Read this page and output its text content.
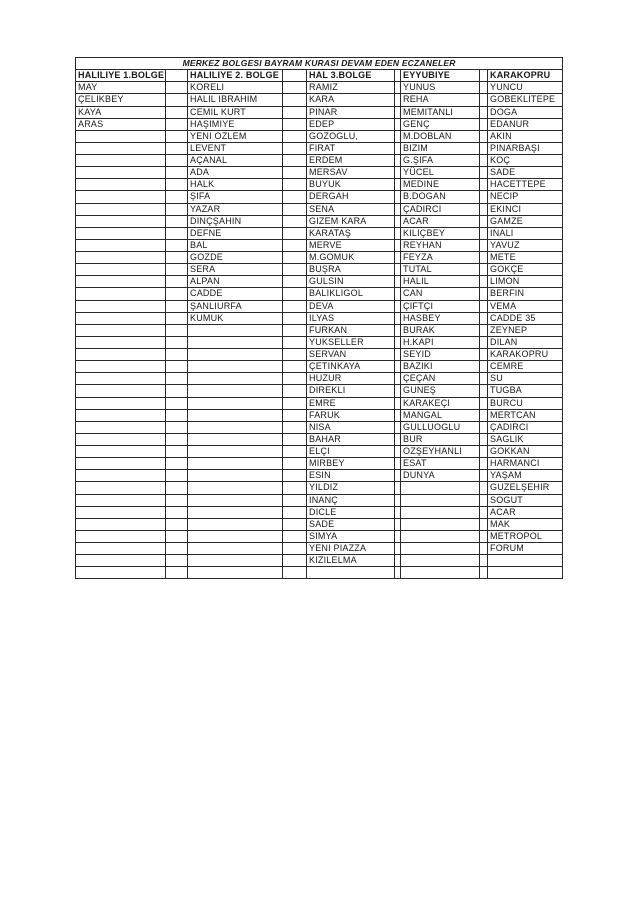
MERKEZ BOLGESI BAYRAM KURASI DEVAM EDEN ECZANELER								
HALILIYE 1.BOLGE		HALILIYE 2. BOLGE		HAL 3.BOLGE		EYYUBIYE		KARAKOPRU
MAY		KORELI		RAMIZ		YUNUS		YUNCU
ÇELIKBEY		HALIL IBRAHIM		KARA		REHA		GOBEKLITEPE
KAYA		CEMIL KURT		PINAR		MEMITANLI		DOGA
ARAS		HAŞIMIYE		EDEP		GENÇ		EDANUR
		YENI OZLEM		GOZOGLU,		M.DOBLAN		AKIN
		LEVENT		FIRAT		BIZIM		PINARBAŞI
		AÇANAL		ERDEM		G.ŞIFA		KOÇ
		ADA		MERSAV		YÜCEL		SADE
		HALK		BUYUK		MEDINE		HACETTEPE
		ŞIFA		DERGAH		B.DOGAN		NECIP
		YAZAR		SENA		ÇADIRCI		EKINCI
		DINÇŞAHIN		GIZEM KARA		ACAR		GAMZE
		DEFNE		KARATAŞ		KILIÇBEY		INALI
		BAL		MERVE		REYHAN		YAVUZ
		GOZDE		M.GOMUK		FEYZA		METE
		SERA		BUŞRA		TUTAL		GOKÇE
		ALPAN		GULSIN		HALIL		LIMON
		CADDE		BALIKLIGOL		CAN		BERFIN
		ŞANLIURFA		DEVA		ÇIFTÇI		VEMA
		KUMUK		ILYAS		HASBEY		CADDE 35
				FURKAN		BURAK		ZEYNEP
				YUKSELLER		H.KAPI		DILAN
				SERVAN		SEYID		KARAKOPRU
				ÇETINKAYA		BAZIKI		CEMRE
				HUZUR		ÇEÇAN		SU
				DIREKLI		GUNEŞ		TUGBA
				EMRE		KARAKEÇI		BURCU
				FARUK		MANGAL		MERTCAN
				NISA		GULLUOGLU		ÇADIRCI
				BAHAR		BUR		SAGLIK
				ELÇI		OZŞEYHANLI		GOKKAN
				MIRBEY		ESAT		HARMANCI
				ESIN		DUNYA		YAŞAM
				YILDIZ				GUZELŞEHIR
				INANÇ				SOGUT
				DICLE				ACAR
				SADE				MAK
				SIMYA				METROPOL
				YENI PIAZZA				FORUM
				KIZILELMA				
